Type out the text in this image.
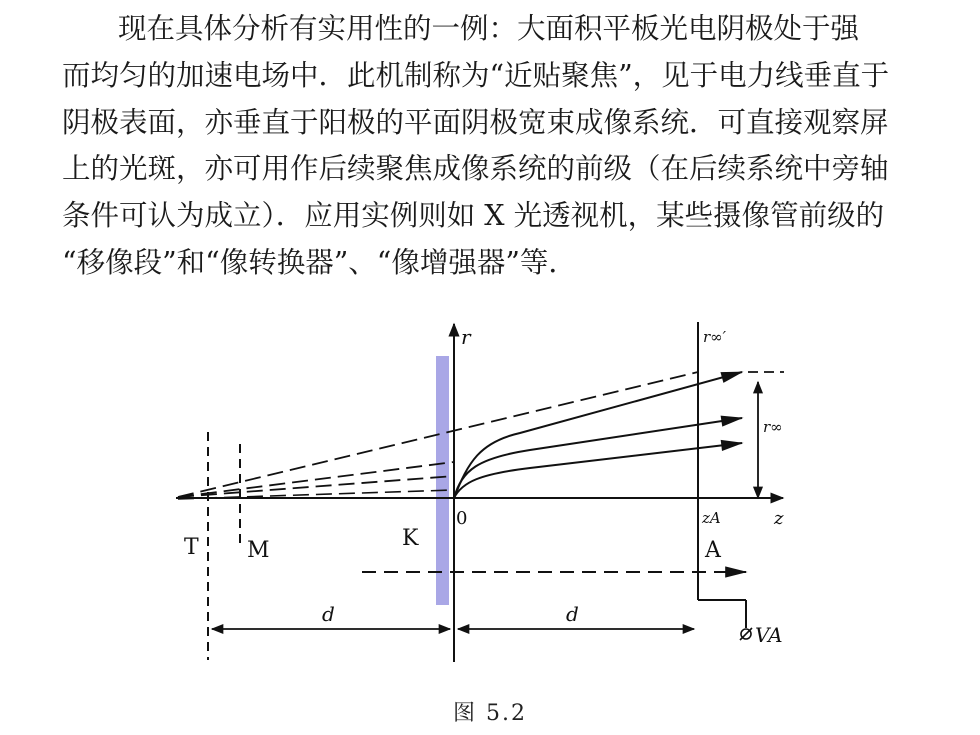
现在具体分析有实用性的一例：大面积平板光电阴极处于强
而均匀的加速电场中．此机制称为“近贴聚焦”，见于电力线垂直于
阴极表面，亦垂直于阳极的平面阴极宽束成像系统．可直接观察屏
上的光斑，亦可用作后续聚焦成像系统的前级（在后续系统中旁轴
条件可认为成立）．应用实例则如 X 光透视机，某些摄像管前级的
“移像段”和“像转换器”、“像增强器”等．
r
z
VA
r∞′
T M	K
0	zA
A
r∞
d	d
图 5.2
